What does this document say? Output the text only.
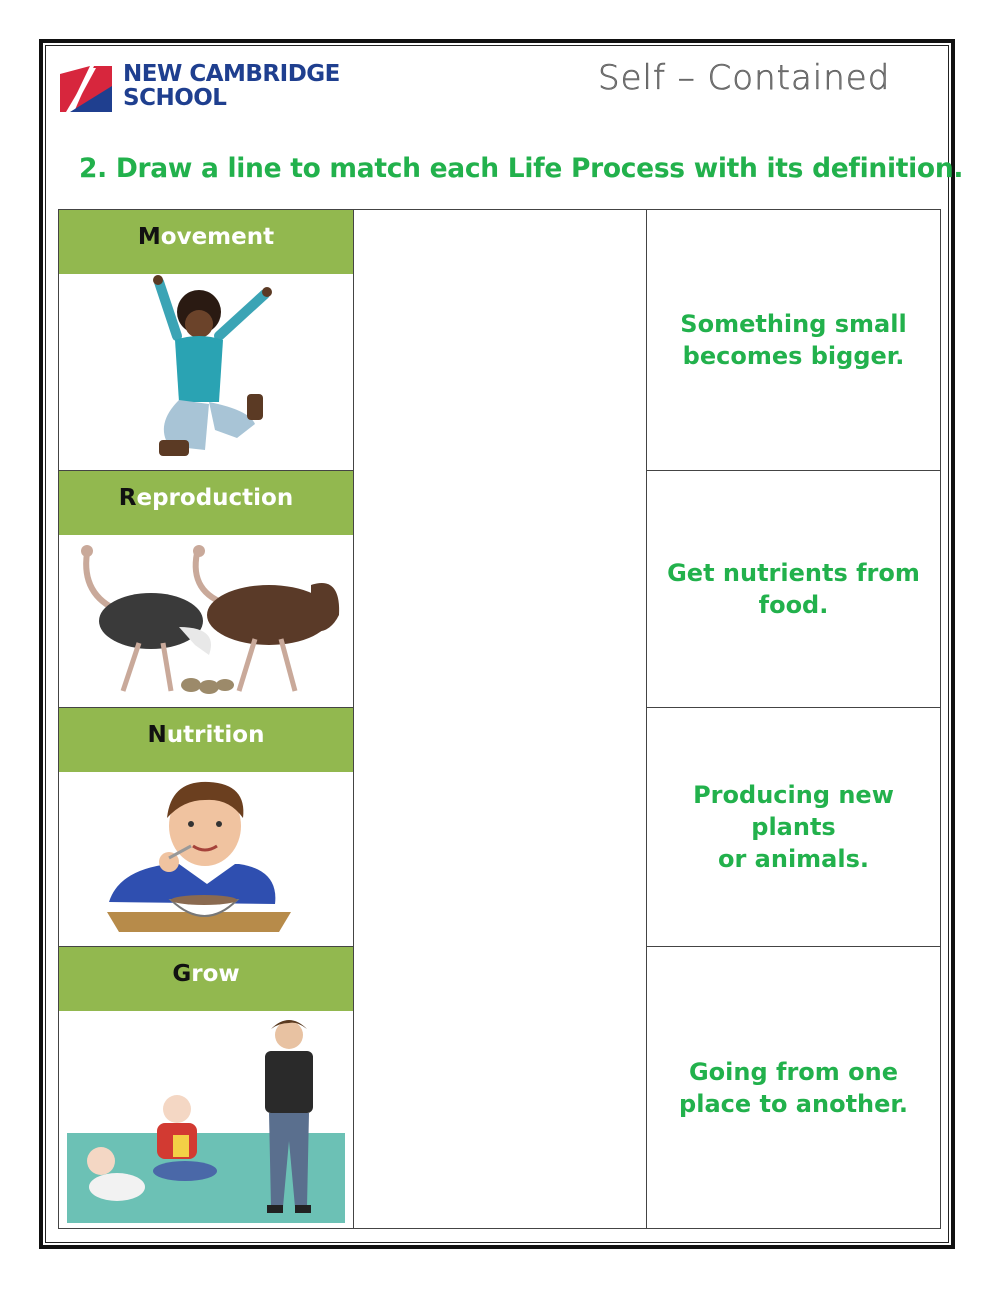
NEW CAMBRIDGE
SCHOOL	Self – Contained
2. Draw a line to match each Life Process with its definition.
Movement		Something small
becomes bigger.

Reproduction		Get nutrients from
food.

Nutrition		Producing new plants
or animals.

Grow		Going from one
place to another.
